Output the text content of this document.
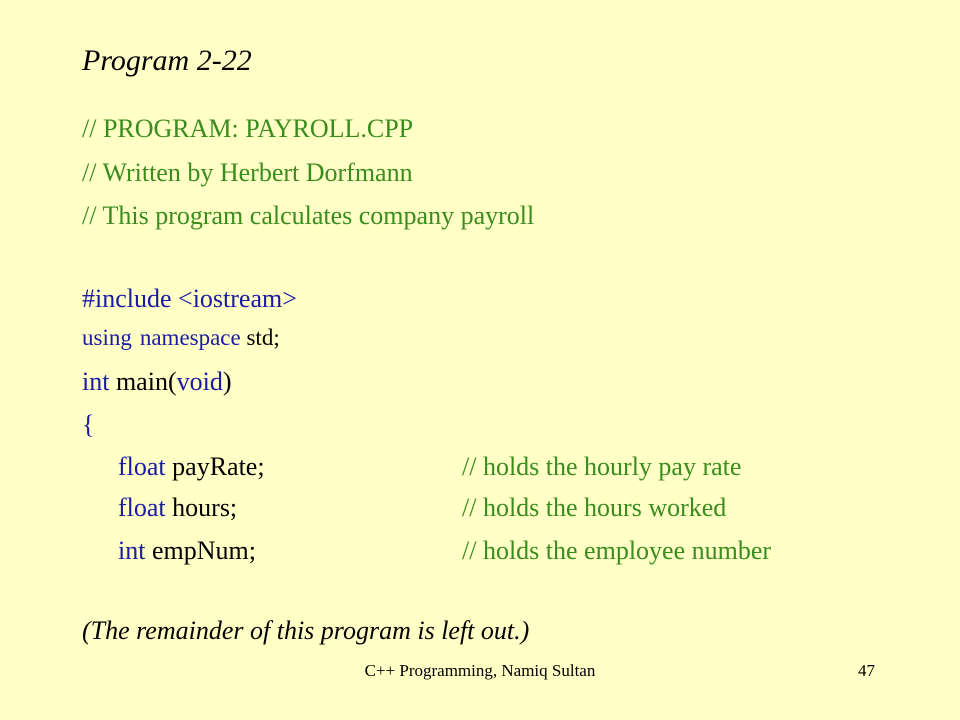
Program 2-22
// PROGRAM: PAYROLL.CPP
// Written by Herbert Dorfmann
// This program calculates company payroll
#include <iostream>
using namespace std;
int main(void)
{
float payRate;	// holds the hourly pay rate
float hours;	// holds the hours worked
int empNum;	// holds the employee number
(The remainder of this program is left out.)
C++ Programming, Namiq Sultan	47
